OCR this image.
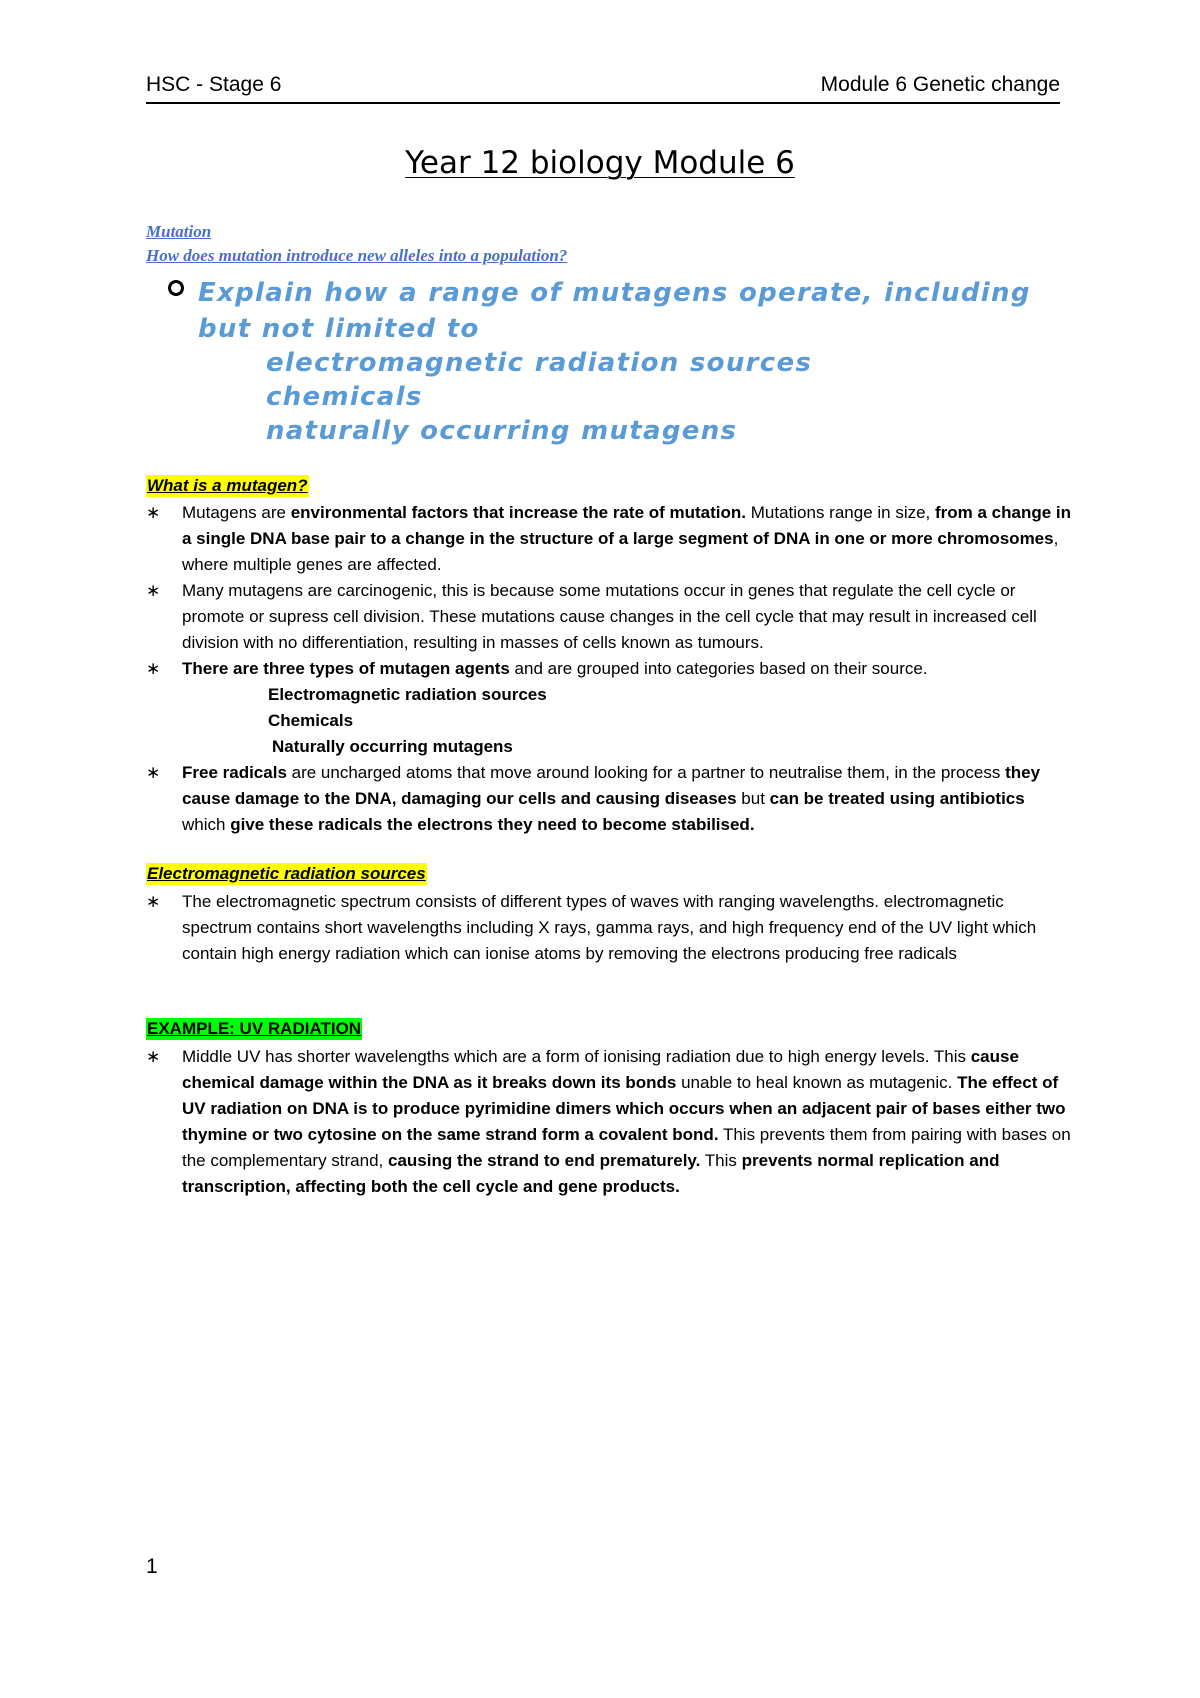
HSC - Stage 6	Module 6 Genetic change
Year 12 biology Module 6
Mutation
How does mutation introduce new alleles into a population?
Explain how a range of mutagens operate, including
but not limited to
electromagnetic radiation sources
chemicals
naturally occurring mutagens
What is a mutagen?
∗	Mutagens are environmental factors that increase the rate of mutation. Mutations range in size, from a change in a single DNA base pair to a change in the structure of a large segment of DNA in one or more chromosomes, where multiple genes are affected.
∗	Many mutagens are carcinogenic, this is because some mutations occur in genes that regulate the cell cycle or promote or supress cell division. These mutations cause changes in the cell cycle that may result in increased cell division with no differentiation, resulting in masses of cells known as tumours.
∗	There are three types of mutagen agents and are grouped into categories based on their source.
Electromagnetic radiation sources
Chemicals
Naturally occurring mutagens
∗	Free radicals are uncharged atoms that move around looking for a partner to neutralise them, in the process they cause damage to the DNA, damaging our cells and causing diseases but can be treated using antibiotics which give these radicals the electrons they need to become stabilised.
Electromagnetic radiation sources
∗	The electromagnetic spectrum consists of different types of waves with ranging wavelengths. electromagnetic spectrum contains short wavelengths including X rays, gamma rays, and high frequency end of the UV light which contain high energy radiation which can ionise atoms by removing the electrons producing free radicals
EXAMPLE: UV RADIATION
∗	Middle UV has shorter wavelengths which are a form of ionising radiation due to high energy levels. This cause chemical damage within the DNA as it breaks down its bonds unable to heal known as mutagenic. The effect of UV radiation on DNA is to produce pyrimidine dimers which occurs when an adjacent pair of bases either two thymine or two cytosine on the same strand form a covalent bond. This prevents them from pairing with bases on the complementary strand, causing the strand to end prematurely. This prevents normal replication and transcription, affecting both the cell cycle and gene products.
1
